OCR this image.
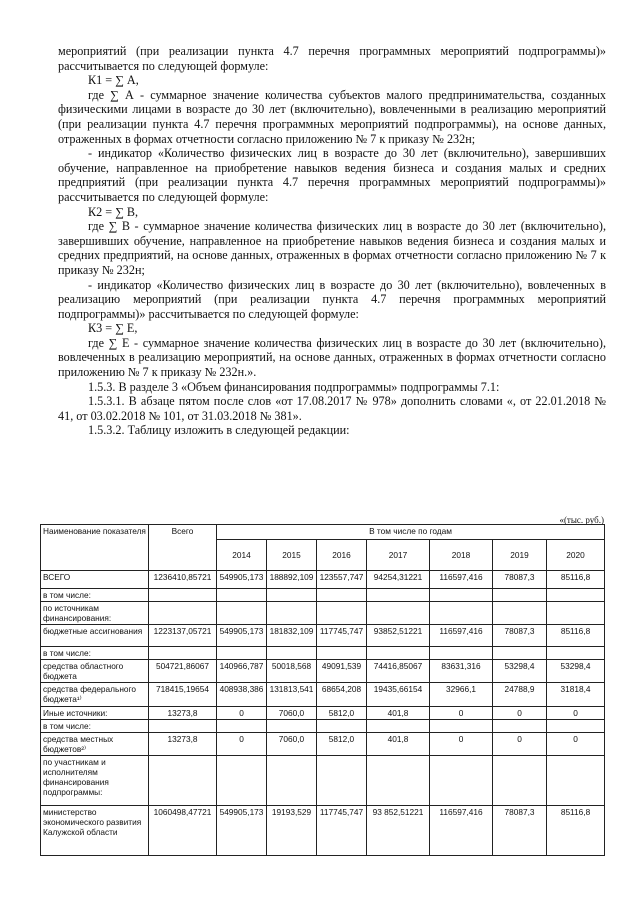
мероприятий (при реализации пункта 4.7 перечня программных мероприятий подпрограммы)» рассчитывается по следующей формуле:

К1 = ∑ А,

где ∑ А - суммарное значение количества субъектов малого предпринимательства, созданных физическими лицами в возрасте до 30 лет (включительно), вовлеченными в реализацию мероприятий (при реализации пункта 4.7 перечня программных мероприятий подпрограммы), на основе данных, отраженных в формах отчетности согласно приложению № 7 к приказу № 232н;

- индикатор «Количество физических лиц в возрасте до 30 лет (включительно), завершивших обучение, направленное на приобретение навыков ведения бизнеса и создания малых и средних предприятий (при реализации пункта 4.7 перечня программных мероприятий подпрограммы)» рассчитывается по следующей формуле:

К2 = ∑ В,

где ∑ В - суммарное значение количества физических лиц в возрасте до 30 лет (включительно), завершивших обучение, направленное на приобретение навыков ведения бизнеса и создания малых и средних предприятий, на основе данных, отраженных в формах отчетности согласно приложению № 7 к приказу № 232н;

- индикатор «Количество физических лиц в возрасте до 30 лет (включительно), вовлеченных в реализацию мероприятий (при реализации пункта 4.7 перечня программных мероприятий подпрограммы)» рассчитывается по следующей формуле:

К3 = ∑ Е,

где ∑ Е - суммарное значение количества физических лиц в возрасте до 30 лет (включительно), вовлеченных в реализацию мероприятий, на основе данных, отраженных в формах отчетности согласно приложению № 7 к приказу № 232н.».

1.5.3. В разделе 3 «Объем финансирования подпрограммы» подпрограммы 7.1:

1.5.3.1. В абзаце пятом после слов «от 17.08.2017 № 978» дополнить словами «, от 22.01.2018 № 41, от 03.02.2018 № 101, от 31.03.2018 № 381».

1.5.3.2. Таблицу изложить в следующей редакции:

«(тыс. руб.)
Наименование показателя	Всего	В том числе по годам						
		2014	2015	2016	2017	2018	2019	2020
ВСЕГО	1236410,85721	549905,173	188892,109	123557,747	94254,31221	116597,416	78087,3	85116,8
в том числе:								
по источникам финансирования:								
бюджетные ассигнования	1223137,05721	549905,173	181832,109	117745,747	93852,51221	116597,416	78087,3	85116,8
в том числе:								
средства областного бюджета	504721,86067	140966,787	50018,568	49091,539	74416,85067	83631,316	53298,4	53298,4
средства федерального бюджета¹⁾	718415,19654	408938,386	131813,541	68654,208	19435,66154	32966,1	24788,9	31818,4
Иные источники:	13273,8	0	7060,0	5812,0	401,8	0	0	0
в том числе:								
средства местных бюджетов²⁾	13273,8	0	7060,0	5812,0	401,8	0	0	0
по участникам и исполнителям финансирования подпрограммы:								
министерство экономического развития Калужской области	1060498,47721	549905,173	19193,529	117745,747	93 852,51221	116597,416	78087,3	85116,8
